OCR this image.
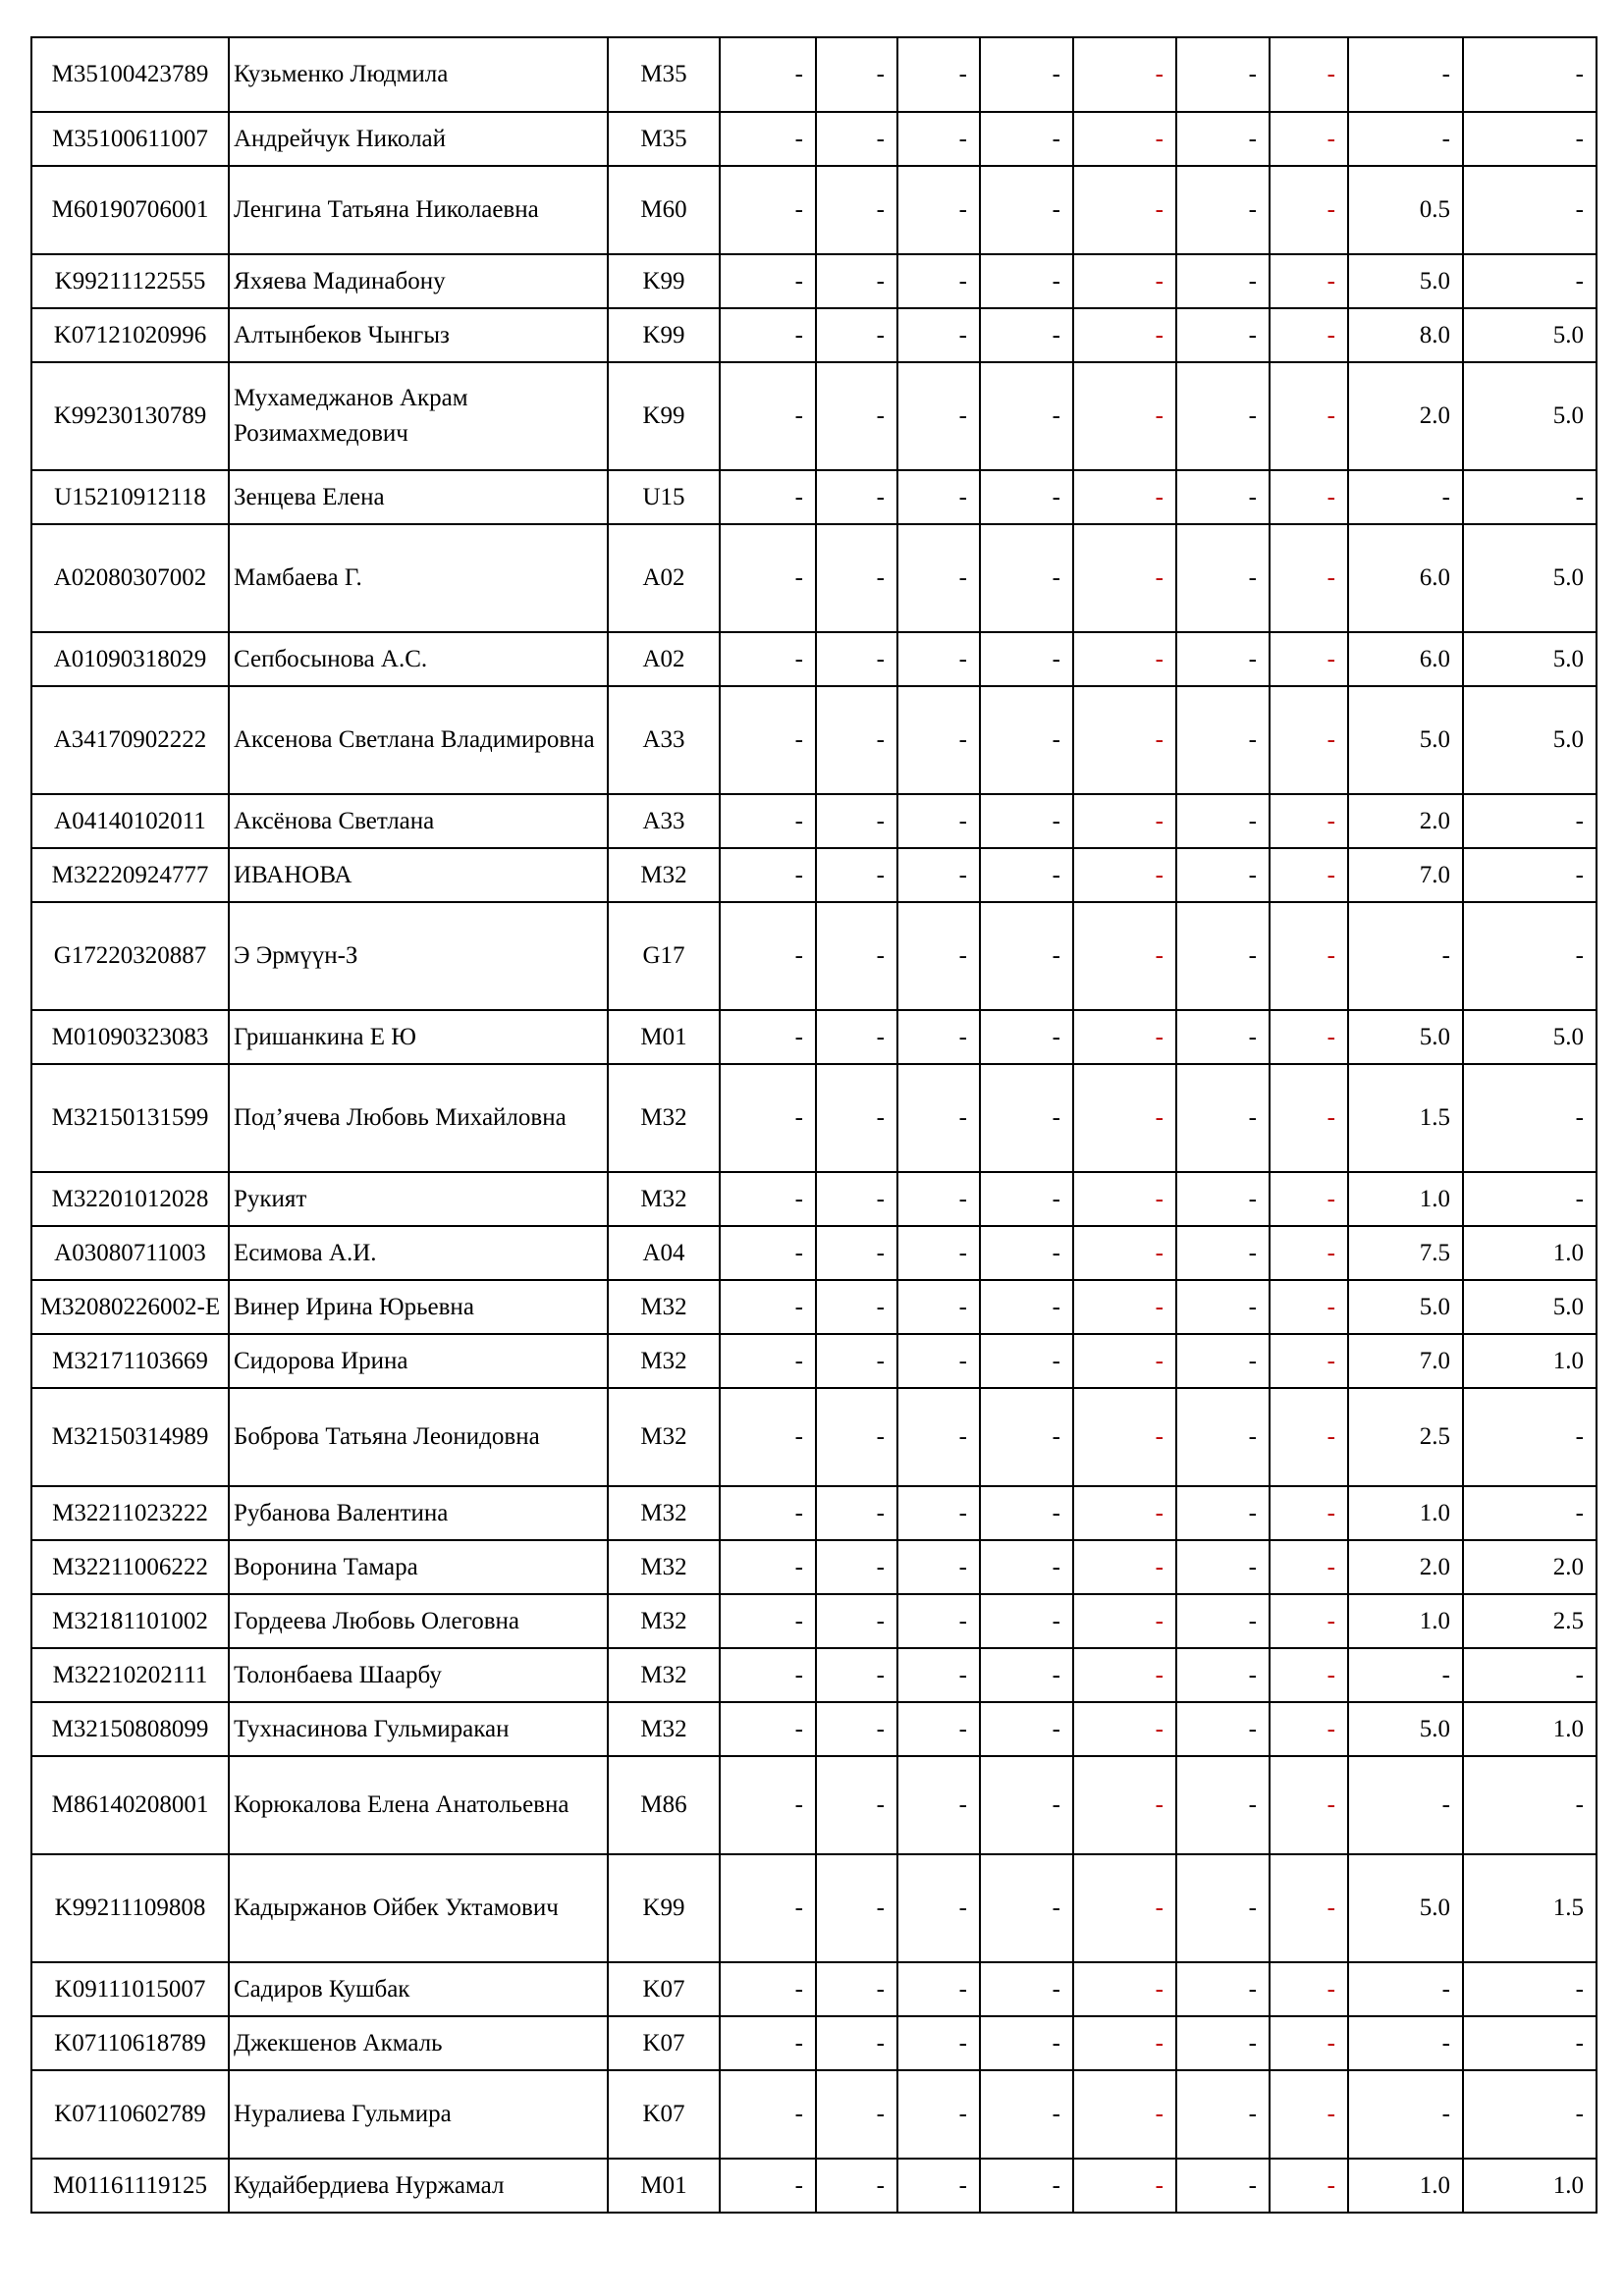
M35100423789	Кузьменко Людмила	M35	-	-	-	-	-	-	-	-	-
M35100611007	Андрейчук Николай	M35	-	-	-	-	-	-	-	-	-
M60190706001	Ленгина Татьяна Николаевна	M60	-	-	-	-	-	-	-	0.5	-
K99211122555	Яхяева Мадинабону	K99	-	-	-	-	-	-	-	5.0	-
K07121020996	Алтынбеков Чынгыз	K99	-	-	-	-	-	-	-	8.0	5.0
K99230130789	Мухамеджанов Акрам Розимахмедович	K99	-	-	-	-	-	-	-	2.0	5.0
U15210912118	Зенцева Елена	U15	-	-	-	-	-	-	-	-	-
A02080307002	Мамбаева Г.	A02	-	-	-	-	-	-	-	6.0	5.0
A01090318029	Сепбосынова А.С.	A02	-	-	-	-	-	-	-	6.0	5.0
A34170902222	Аксенова Светлана Владимировна	A33	-	-	-	-	-	-	-	5.0	5.0
A04140102011	Аксёнова Светлана	A33	-	-	-	-	-	-	-	2.0	-
M32220924777	ИВАНОВА	M32	-	-	-	-	-	-	-	7.0	-
G17220320887	Э Эрмүүн-З	G17	-	-	-	-	-	-	-	-	-
M01090323083	Гришанкина Е Ю	M01	-	-	-	-	-	-	-	5.0	5.0
M32150131599	Под’ячева Любовь Михайловна	M32	-	-	-	-	-	-	-	1.5	-
M32201012028	Рукият	M32	-	-	-	-	-	-	-	1.0	-
A03080711003	Есимова А.И.	A04	-	-	-	-	-	-	-	7.5	1.0
M32080226002-E	Винер Ирина Юрьевна	M32	-	-	-	-	-	-	-	5.0	5.0
M32171103669	Сидорова Ирина	M32	-	-	-	-	-	-	-	7.0	1.0
M32150314989	Боброва Татьяна Леонидовна	M32	-	-	-	-	-	-	-	2.5	-
M32211023222	Рубанова Валентина	M32	-	-	-	-	-	-	-	1.0	-
M32211006222	Воронина Тамара	M32	-	-	-	-	-	-	-	2.0	2.0
M32181101002	Гордеева Любовь Олеговна	M32	-	-	-	-	-	-	-	1.0	2.5
M32210202111	Толонбаева Шаарбу	M32	-	-	-	-	-	-	-	-	-
M32150808099	Тухнасинова Гульмиракан	M32	-	-	-	-	-	-	-	5.0	1.0
M86140208001	Корюкалова Елена Анатольевна	M86	-	-	-	-	-	-	-	-	-
K99211109808	Кадыржанов Ойбек Уктамович	K99	-	-	-	-	-	-	-	5.0	1.5
K09111015007	Садиров Кушбак	K07	-	-	-	-	-	-	-	-	-
K07110618789	Джекшенов Акмаль	K07	-	-	-	-	-	-	-	-	-
K07110602789	Нуралиева Гульмира	K07	-	-	-	-	-	-	-	-	-
M01161119125	Кудайбердиева Нуржамал	M01	-	-	-	-	-	-	-	1.0	1.0
